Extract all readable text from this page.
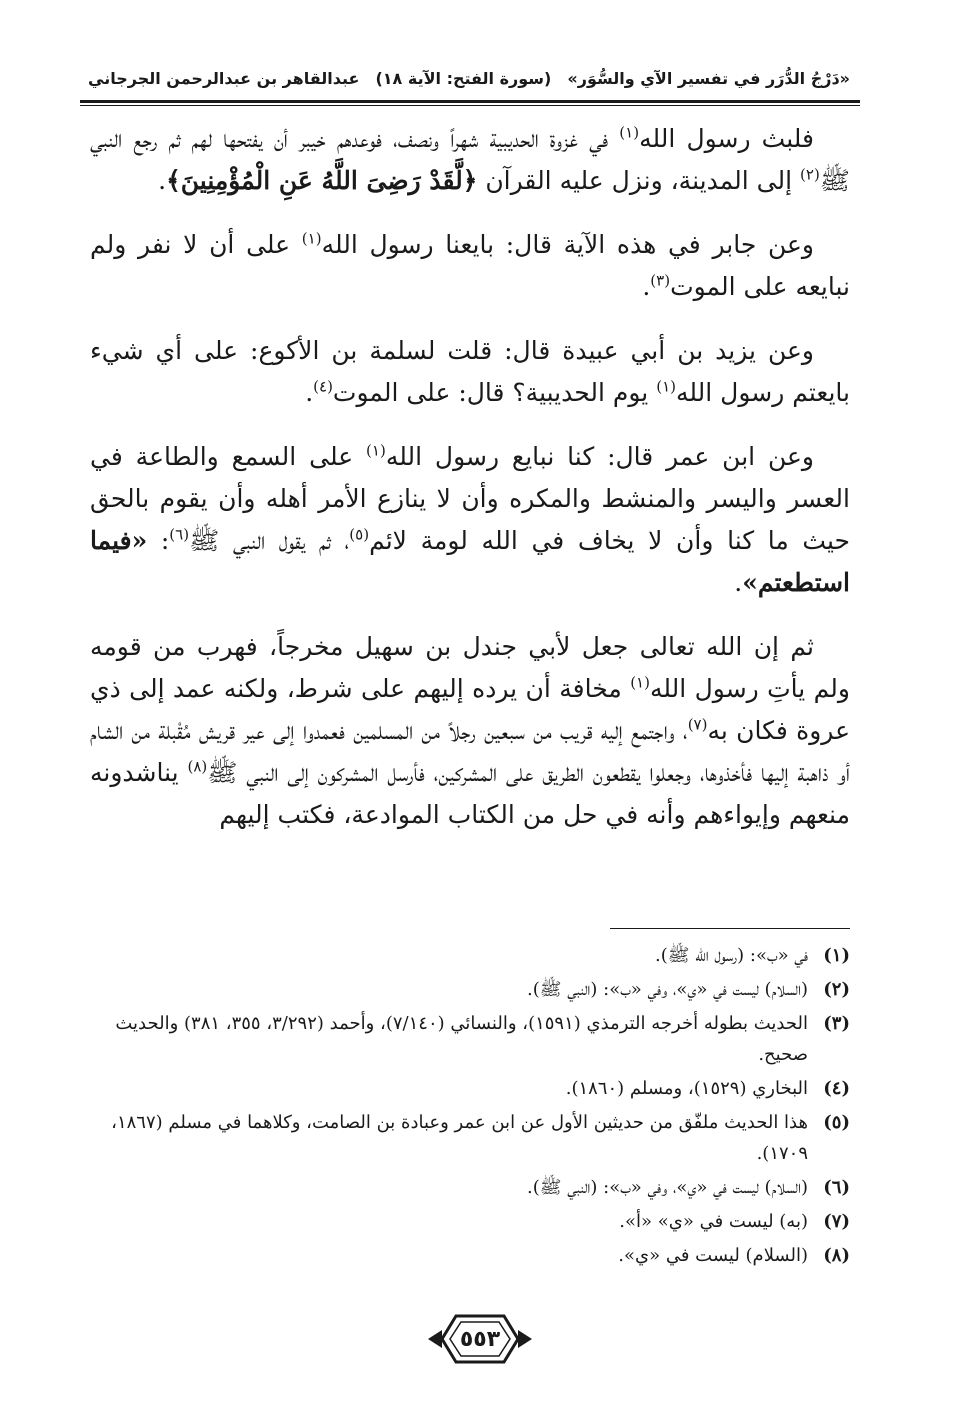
«دَرْجُ الدُّرَر في تفسير الآي والسُّوَر»
(سورة الفتح: الآية ١٨)
عبدالقاهر بن عبدالرحمن الجرجاني

فلبث رسول الله$^{(١)}$ في غزوة الحديبية شهراً ونصف، فوعدهم خيبر أن يفتحها لهم ثم رجع النبي ﷺ$^{(٢)}$ إلى المدينة، ونزل عليه القرآن ﴿لَّقَدْ رَضِىَ اللَّهُ عَنِ الْمُؤْمِنِينَ﴾.

وعن جابر في هذه الآية قال: بايعنا رسول الله$^{(١)}$ على أن لا نفر ولم نبايعه على الموت$^{(٣)}$.

وعن يزيد بن أبي عبيدة قال: قلت لسلمة بن الأكوع: على أي شيء بايعتم رسول الله$^{(١)}$ يوم الحديبية؟ قال: على الموت$^{(٤)}$.

وعن ابن عمر قال: كنا نبايع رسول الله$^{(١)}$ على السمع والطاعة في العسر واليسر والمنشط والمكره وأن لا ينازع الأمر أهله وأن يقوم بالحق حيث ما كنا وأن لا يخاف في الله لومة لائم$^{(٥)}$، ثم يقول النبي ﷺ$^{(٦)}$: «فيما استطعتم».

ثم إن الله تعالى جعل لأبي جندل بن سهيل مخرجاً، فهرب من قومه ولم يأتِ رسول الله$^{(١)}$ مخافة أن يرده إليهم على شرط، ولكنه عمد إلى ذي عروة فكان به$^{(٧)}$، واجتمع إليه قريب من سبعين رجلاً من المسلمين فعمدوا إلى عير قريش مُقْبلة من الشام أو ذاهبة إليها فأخذوها، وجعلوا يقطعون الطريق على المشركين، فأرسل المشركون إلى النبي ﷺ$^{(٨)}$ يناشدونه منعهم وإيواءهم وأنه في حل من الكتاب الموادعة، فكتب إليهم

(١)
في «ب»: (رسول الله ﷺ).
(٢)
(السلام) ليست في «ي»، وفي «ب»: (النبي ﷺ).
(٣)
الحديث بطوله أخرجه الترمذي (١٥٩١)، والنسائي (٧/١٤٠)، وأحمد (٣/٢٩٢، ٣٥٥، ٣٨١) والحديث صحيح.
(٤)
البخاري (١٥٢٩)، ومسلم (١٨٦٠).
(٥)
هذا الحديث ملفّق من حديثين الأول عن ابن عمر وعبادة بن الصامت، وكلاهما في مسلم (١٨٦٧، ١٧٠٩).
(٦)
(السلام) ليست في «ي»، وفي «ب»: (النبي ﷺ).
(٧)
(به) ليست في «ي» «أ».
(٨)
(السلام) ليست في «ي».
٥٥٣
